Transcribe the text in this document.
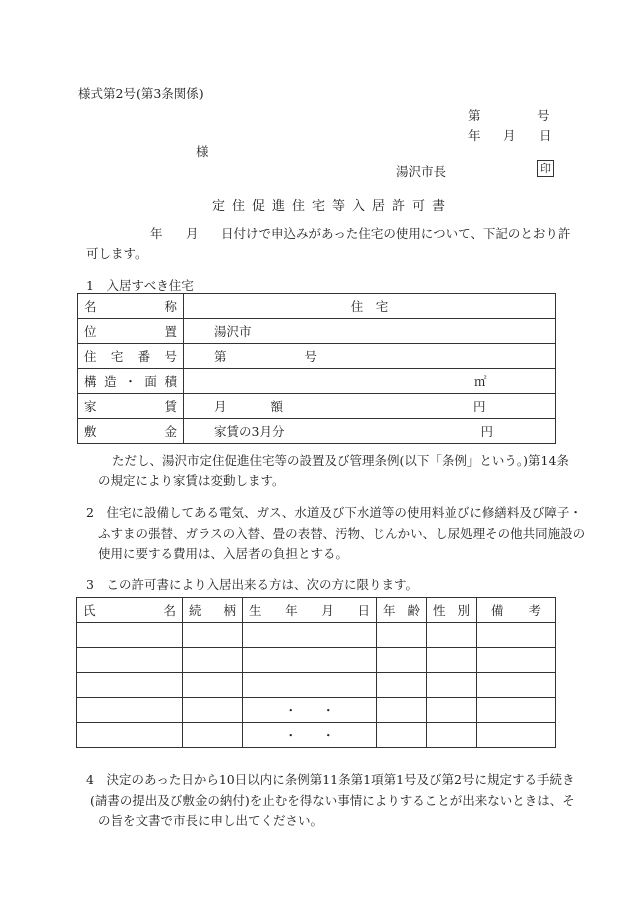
様式第2号(第3条関係)
第	号
年 月 日
様
湯沢市長	印
定住促進住宅等入居許可書
年 月 日付けで申込みがあった住宅の使用について、下記のとおり許
可します。
1　入居すべき住宅
名 称	住　宅

位 置	湯沢市

住 宅 番 号	第 号

構 造 ・ 面 積	㎡

家 賃	月 額 円

敷 金	家賃の3月分 円
ただし、湯沢市定住促進住宅等の設置及び管理条例(以下「条例」という。)第14条
の規定により家賃は変動します。
2　住宅に設備してある電気、ガス、水道及び下水道等の使用料並びに修繕料及び障子・
ふすまの張替、ガラスの入替、畳の表替、汚物、じんかい、し尿処理その他共同施設の
使用に要する費用は、入居者の負担とする。
3　この許可書により入居出来る方は、次の方に限ります。
氏 名	続 柄	生 年 月 日	年 齢	性 別	備 考

		・　　・			
		・　　・			
4　決定のあった日から10日以内に条例第11条第1項第1号及び第2号に規定する手続き
(請書の提出及び敷金の納付)を止むを得ない事情によりすることが出来ないときは、そ
の旨を文書で市長に申し出てください。
